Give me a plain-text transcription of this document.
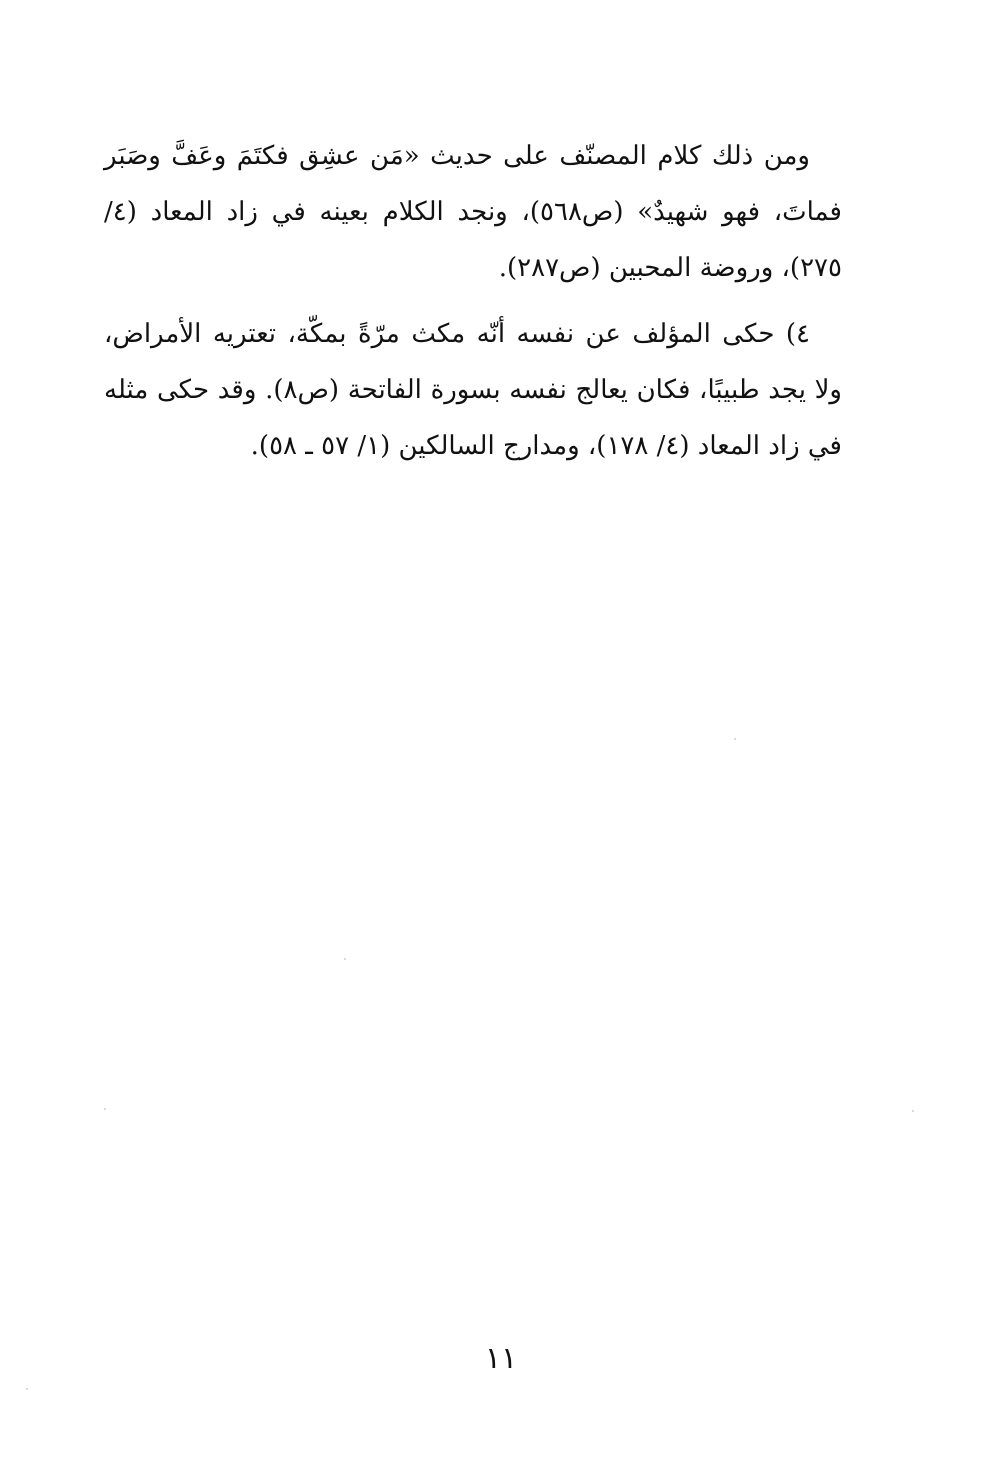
ومن ذلك كلام المصنّف على حديث «مَن عشِق فكتَمَ وعَفَّ وصَبَر فماتَ، فهو شهيدٌ» (ص٥٦٨)، ونجد الكلام بعينه في زاد المعاد (٤/ ٢٧٥)، وروضة المحبين (ص٢٨٧).

٤) حكى المؤلف عن نفسه أنّه مكث مرّةً بمكّة، تعتريه الأمراض، ولا يجد طبيبًا، فكان يعالج نفسه بسورة الفاتحة (ص٨). وقد حكى مثله في زاد المعاد (٤/ ١٧٨)، ومدارج السالكين (١/ ٥٧ ـ ٥٨).

١١
